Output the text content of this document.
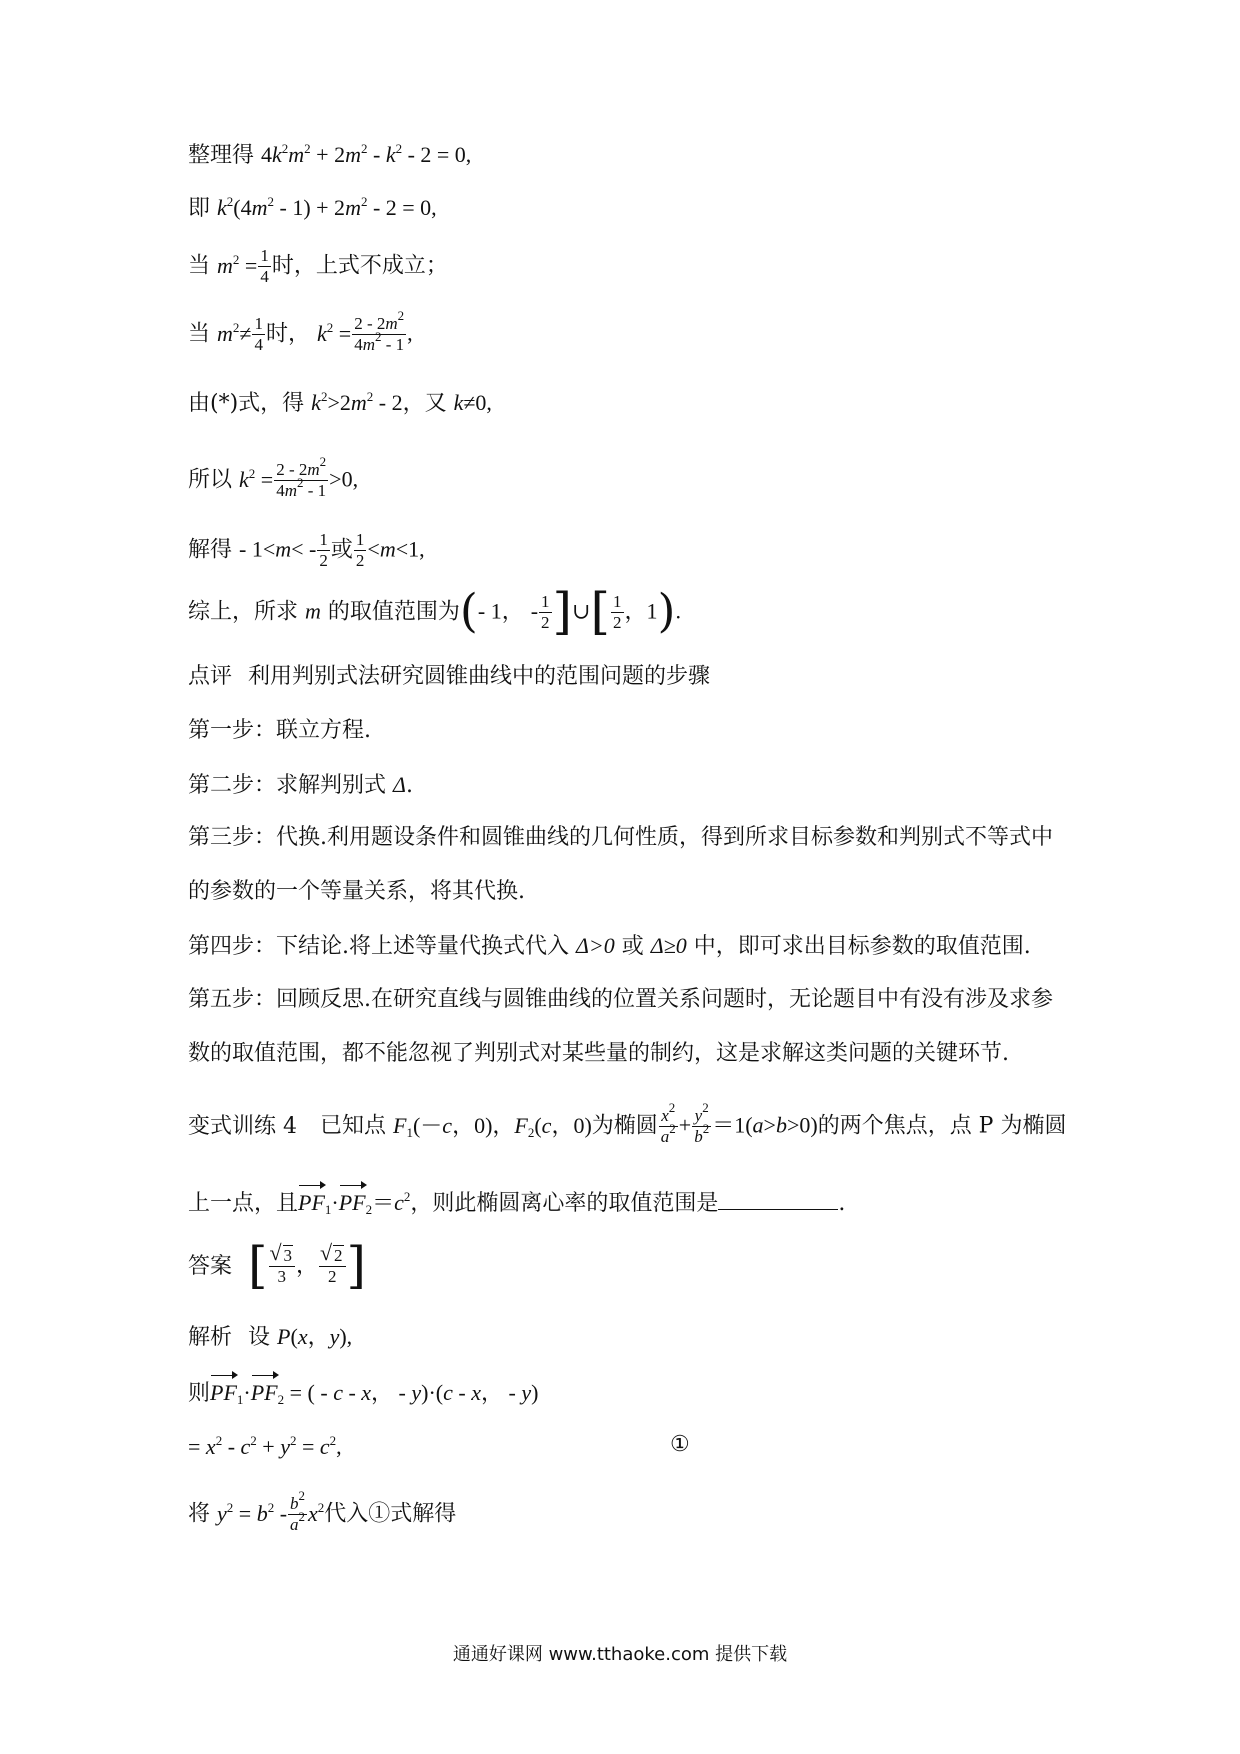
整理得 $4k^2m^2 + 2m^2 - k^2 - 2 = 0$,
即 $k^2(4m^2 - 1) + 2m^2 - 2 = 0$,
当 $m^2 = \frac{1}{4}$ 时，上式不成立；
当 $m^2\ne \frac{1}{4}$ 时， $k^2 = \frac{2 - 2m^2}{4m^2 - 1}$ ,
由(*)式，得 $k^2>2m^2 - 2$，又 k≠0,
所以 $k^2 = \frac{2 - 2m^2}{4m^2 - 1} >0$,
解得 - $1<m< - \frac{1}{2}$ 或 $\frac{1}{2} <m<1$,
综上，所求 m 的取值范围为(- 1， - $\frac{1}{2}$ ]∪[ $\frac{1}{2}$ ，1).
点评 利用判别式法研究圆锥曲线中的范围问题的步骤
第一步：联立方程.
第二步：求解判别式 Δ.
第三步：代换.利用题设条件和圆锥曲线的几何性质，得到所求目标参数和判别式不等式中
的参数的一个等量关系，将其代换.
第四步：下结论.将上述等量代换式代入 Δ>0 或 Δ≥0 中，即可求出目标参数的取值范围.
第五步：回顾反思.在研究直线与圆锥曲线的位置关系问题时，无论题目中有没有涉及求参
数的取值范围，都不能忽视了判别式对某些量的制约，这是求解这类问题的关键环节.
变式训练 4 已知点 $F_1(-c$，0)，$F_2(c$，0)为椭圆 $\frac{x^2}{a^2} + \frac{y^2}{b^2} =1(a>b>0)$的两个焦点，点 P 为椭圆
上一点，且$PF_1\cdot PF_2=c^2$，则此椭圆离心率的取值范围是	.
答案 [ √ $\frac{3}{3}$ ， √ $\frac{2}{2}$ ]
解析 设 P(x，y),
则$PF_1\cdot PF_2$ = ( - c - x， - y)·(c - x， - y)
= $x^2 - c^2 + y^2 = c^2$,	①
将 $y^2 = b^2 - \frac{b^2}{a^2} x^2$代入①式解得
通通好课网 www.tthaoke.com 提供下载
